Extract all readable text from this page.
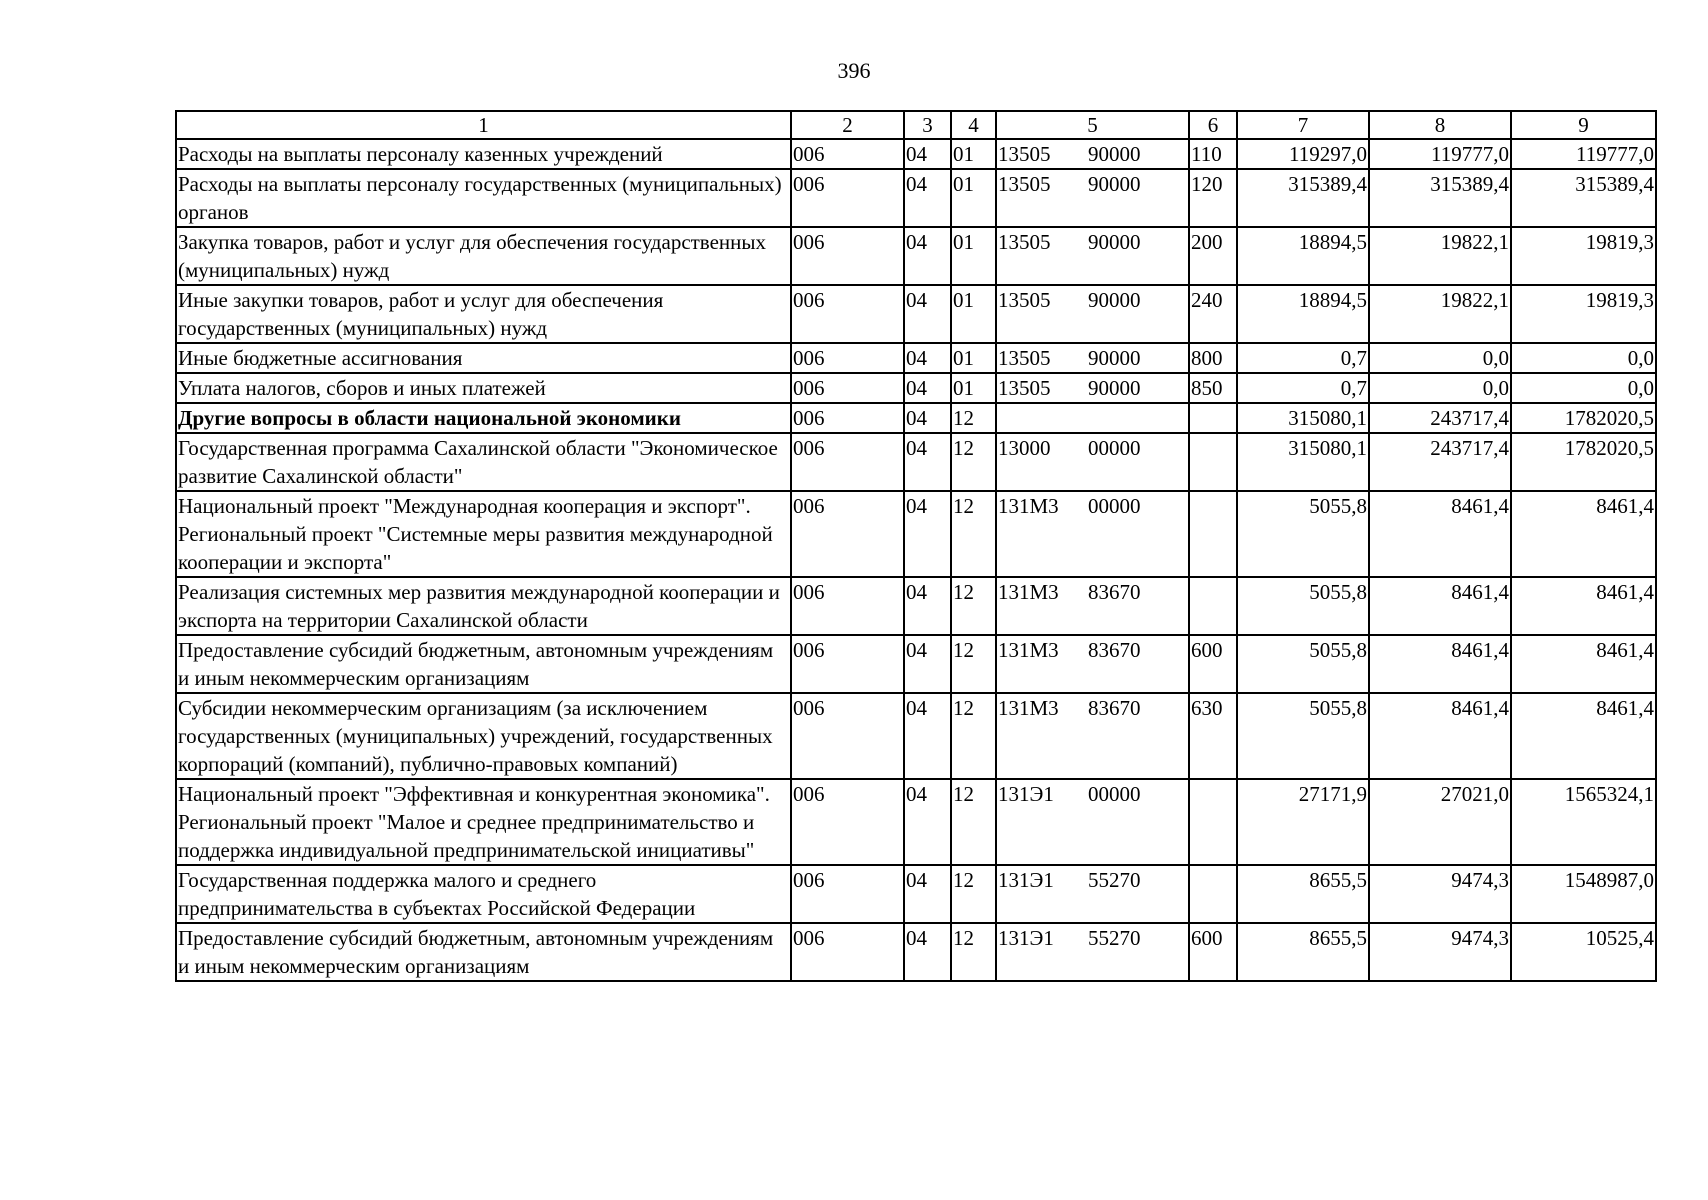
396
1	2	3	4	5	6	7	8	9
Расходы на выплаты персоналу казенных учреждений	006	04	01	13505 90000	110	119297,0	119777,0	119777,0
Расходы на выплаты персоналу государственных (муниципальных) органов	006	04	01	13505 90000	120	315389,4	315389,4	315389,4
Закупка товаров, работ и услуг для обеспечения государственных (муниципальных) нужд	006	04	01	13505 90000	200	18894,5	19822,1	19819,3
Иные закупки товаров, работ и услуг для обеспечения государственных (муниципальных) нужд	006	04	01	13505 90000	240	18894,5	19822,1	19819,3
Иные бюджетные ассигнования	006	04	01	13505 90000	800	0,7	0,0	0,0
Уплата налогов, сборов и иных платежей	006	04	01	13505 90000	850	0,7	0,0	0,0
Другие вопросы в области национальной экономики	006	04	12			315080,1	243717,4	1782020,5
Государственная программа Сахалинской области "Экономическое развитие Сахалинской области"	006	04	12	13000 00000		315080,1	243717,4	1782020,5
Национальный проект "Международная кооперация и экспорт". Региональный проект "Системные меры развития международной кооперации и экспорта"	006	04	12	131М3 00000		5055,8	8461,4	8461,4
Реализация системных мер развития международной кооперации и экспорта на территории Сахалинской области	006	04	12	131М3 83670		5055,8	8461,4	8461,4
Предоставление субсидий бюджетным, автономным учреждениям и иным некоммерческим организациям	006	04	12	131М3 83670	600	5055,8	8461,4	8461,4
Субсидии некоммерческим организациям (за исключением государственных (муниципальных) учреждений, государственных корпораций (компаний), публично-правовых компаний)	006	04	12	131М3 83670	630	5055,8	8461,4	8461,4
Национальный проект "Эффективная и конкурентная экономика". Региональный проект "Малое и среднее предпринимательство и поддержка индивидуальной предпринимательской инициативы"	006	04	12	131Э1 00000		27171,9	27021,0	1565324,1
Государственная поддержка малого и среднего предпринимательства в субъектах Российской Федерации	006	04	12	131Э1 55270		8655,5	9474,3	1548987,0
Предоставление субсидий бюджетным, автономным учреждениям и иным некоммерческим организациям	006	04	12	131Э1 55270	600	8655,5	9474,3	10525,4
